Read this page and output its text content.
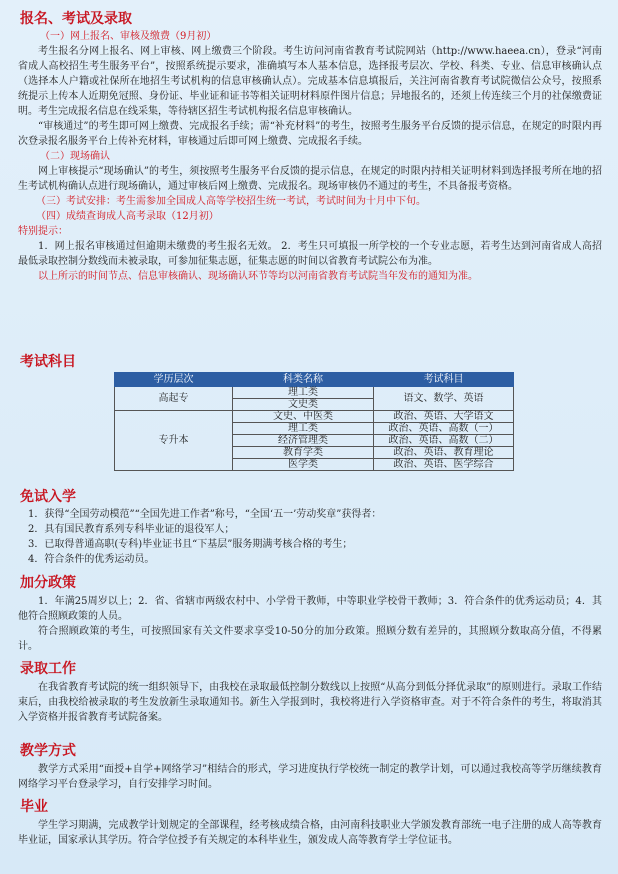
报名、考试及录取

（一）网上报名、审核及缴费（9月初）

考生报名分网上报名、网上审核、网上缴费三个阶段。考生访问河南省教育考试院网站（http://www.haeea.cn），登录“河南省成人高校招生考生服务平台”，按照系统提示要求，准确填写本人基本信息，选择报考层次、学校、科类、专业、信息审核确认点（选择本人户籍或社保所在地招生考试机构的信息审核确认点）。完成基本信息填报后，关注河南省教育考试院微信公众号，按照系统提示上传本人近期免冠照、身份证、毕业证和证书等相关证明材料原件图片信息；异地报名的，还须上传连续三个月的社保缴费证明。考生完成报名信息在线采集，等待辖区招生考试机构报名信息审核确认。

“审核通过”的考生即可网上缴费、完成报名手续；需“补充材料”的考生，按照考生服务平台反馈的提示信息，在规定的时限内再次登录报名服务平台上传补充材料，审核通过后即可网上缴费、完成报名手续。

（二）现场确认

网上审核提示“现场确认”的考生，须按照考生服务平台反馈的提示信息，在规定的时限内持相关证明材料到选择报考所在地的招生考试机构确认点进行现场确认，通过审核后网上缴费、完成报名。现场审核仍不通过的考生，不具备报考资格。

（三）考试安排：考生需参加全国成人高等学校招生统一考试，考试时间为十月中下旬。

（四）成绩查询成人高考录取（12月初）

特别提示：

1．网上报名审核通过但逾期未缴费的考生报名无效。 2．考生只可填报一所学校的一个专业志愿，若考生达到河南省成人高招最低录取控制分数线而未被录取，可参加征集志愿，征集志愿的时间以省教育考试院公布为准。

以上所示的时间节点、信息审核确认、现场确认环节等均以河南省教育考试院当年发布的通知为准。

考试科目
学历层次	科类名称	考试科目
高起专	理工类	语文、数学、英语
	文史类	
专升本	文史、中医类	政治、英语、大学语文
	理工类	政治、英语、高数（一）
	经济管理类	政治、英语、高数（二）
	教育学类	政治、英语、教育理论
	医学类	政治、英语、医学综合
免试入学

1．获得“全国劳动模范”“全国先进工作者”称号，“全国‘五一’劳动奖章”获得者：

2．具有国民教育系列专科毕业证的退役军人；

3．已取得普通高职(专科)毕业证书且“下基层”服务期满考核合格的考生；

4．符合条件的优秀运动员。

加分政策

1．年满25周岁以上；2．省、省辖市两级农村中、小学骨干教师，中等职业学校骨干教师；3．符合条件的优秀运动员；4．其他符合照顾政策的人员。

符合照顾政策的考生，可按照国家有关文件要求享受10-50分的加分政策。照顾分数有差异的，其照顾分数取高分值，不得累计。

录取工作

在我省教育考试院的统一组织领导下，由我校在录取最低控制分数线以上按照“从高分到低分择优录取”的原则进行。录取工作结束后，由我校给被录取的考生发放新生录取通知书。新生入学报到时，我校将进行入学资格审查。对于不符合条件的考生，将取消其入学资格并报省教育考试院备案。

教学方式

教学方式采用“面授+自学+网络学习”相结合的形式，学习进度执行学校统一制定的教学计划，可以通过我校高等学历继续教育网络学习平台登录学习，自行安排学习时间。

毕业

学生学习期满，完成教学计划规定的全部课程，经考核成绩合格，由河南科技职业大学颁发教育部统一电子注册的成人高等教育毕业证，国家承认其学历。符合学位授予有关规定的本科毕业生，颁发成人高等教育学士学位证书。
